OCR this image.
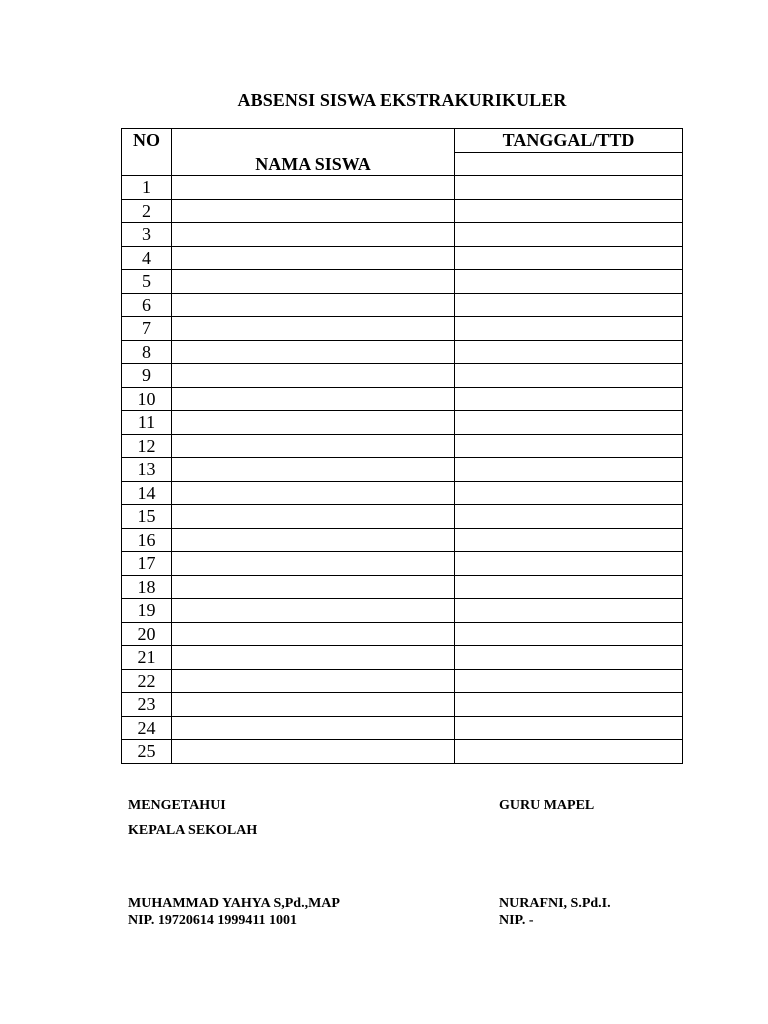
ABSENSI SISWA EKSTRAKURIKULER
NO	NAMA SISWA	TANGGAL/TTD

1		
2		
3		
4		
5		
6		
7		
8		
9		
10		
11		
12		
13		
14		
15		
16		
17		
18		
19		
20		
21		
22		
23		
24		
25		
MENGETAHUI
KEPALA SEKOLAH
MUHAMMAD YAHYA S,Pd.,MAP
NIP. 19720614 1999411 1001
GURU MAPEL
NURAFNI, S.Pd.I.
NIP. -
